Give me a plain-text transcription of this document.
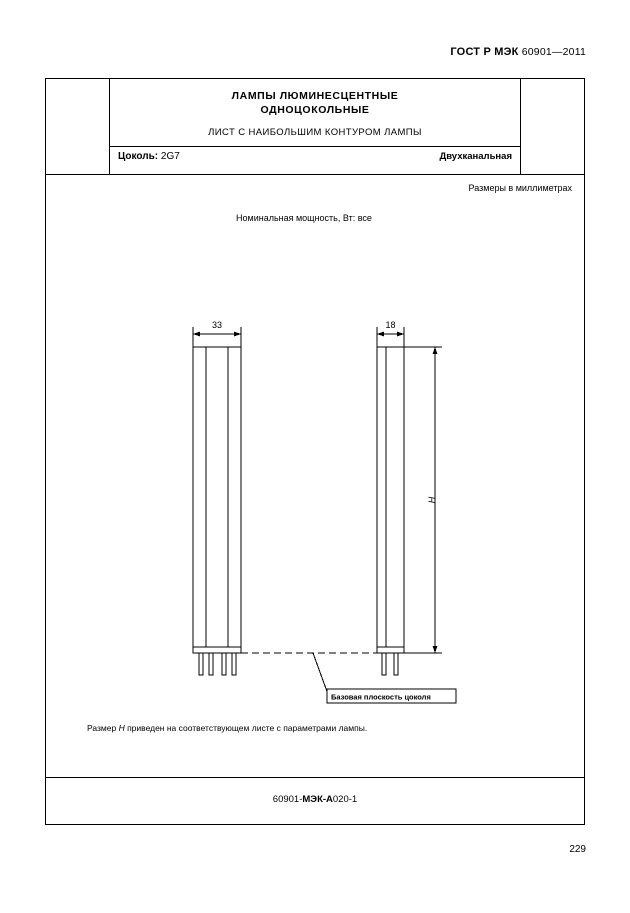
ГОСТ Р МЭК 60901—2011
ЛАМПЫ ЛЮМИНЕСЦЕНТНЫЕ
ОДНОЦОКОЛЬНЫЕ
ЛИСТ С НАИБОЛЬШИМ КОНТУРОМ ЛАМПЫ
Цоколь: 2G7	Двухканальная
Размеры в миллиметрах
Номинальная мощность, Вт: все
33	18
H
Базовая плоскость цоколя
Размер H приведен на соответствующем листе с параметрами лампы.
60901-МЭК-А020-1
229
